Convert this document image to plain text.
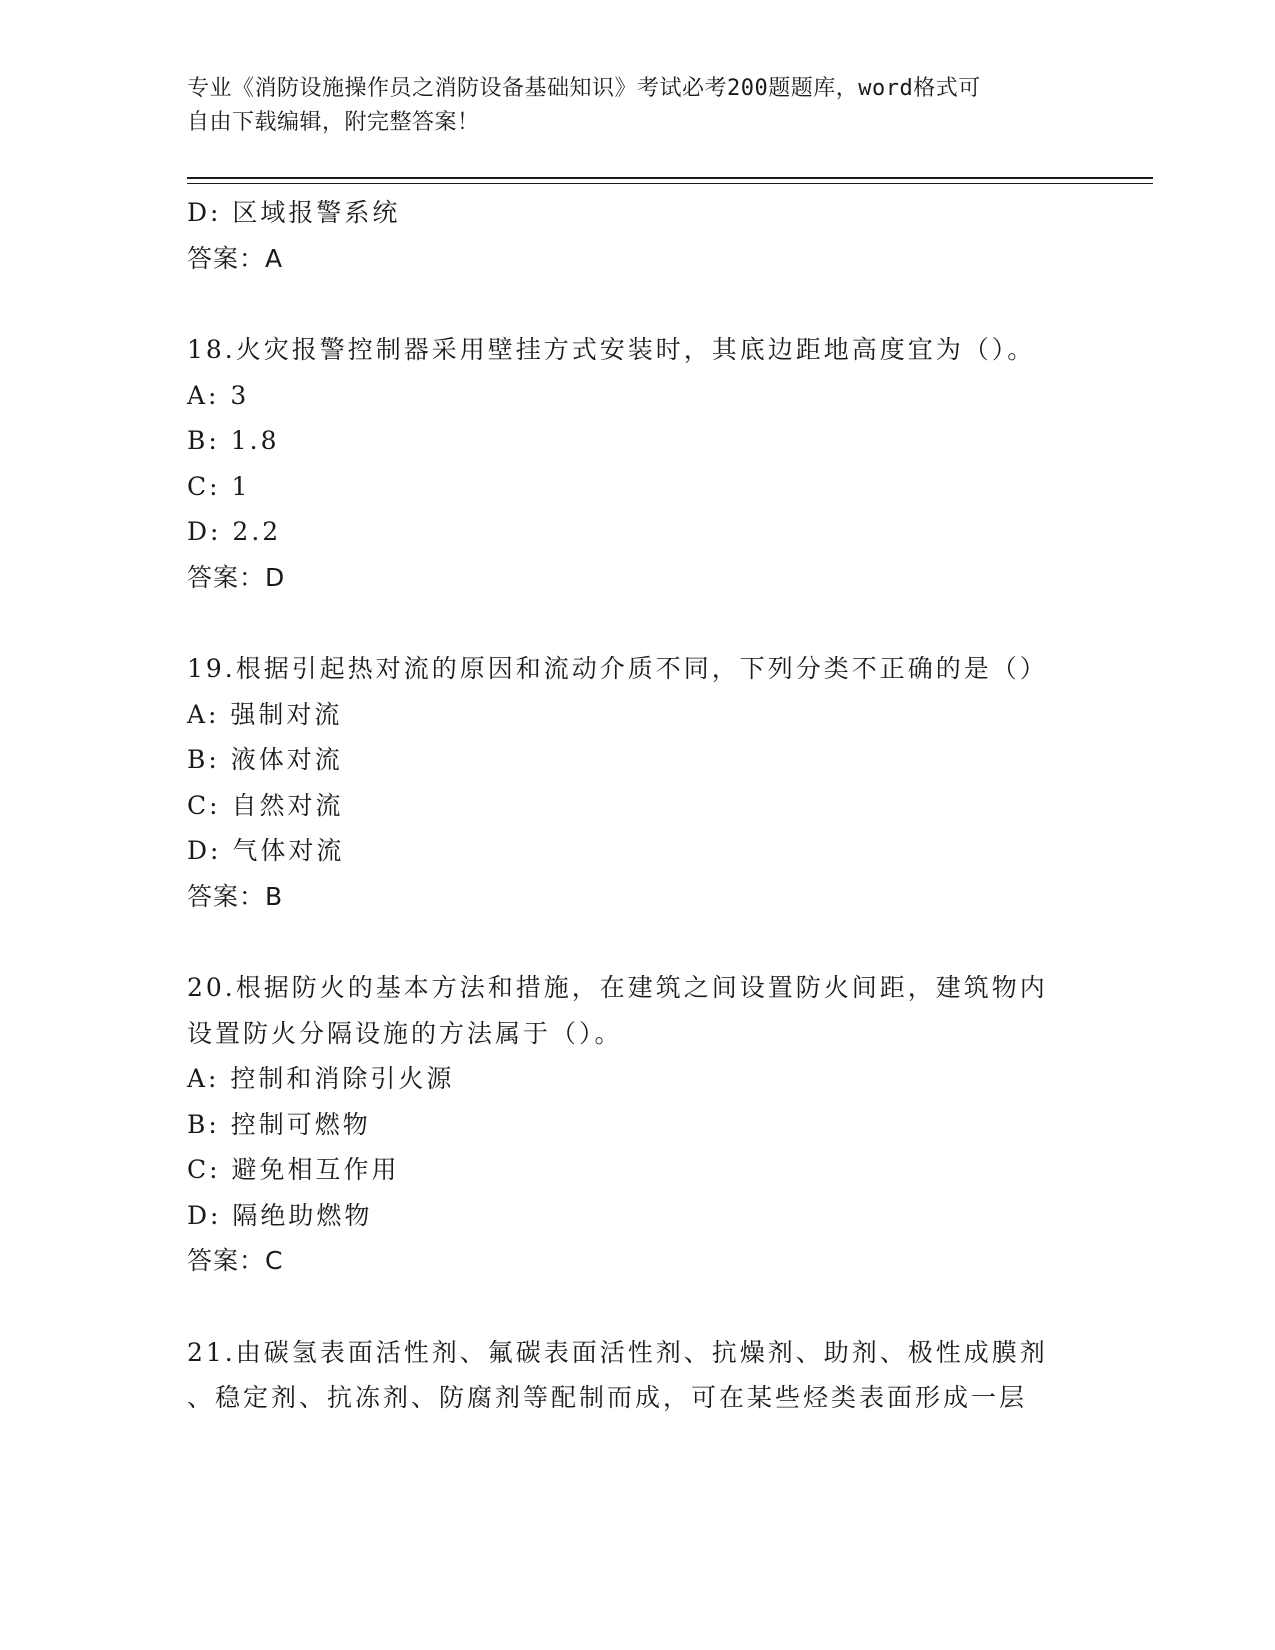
专业《消防设施操作员之消防设备基础知识》考试必考200题题库，word格式可
自由下载编辑，附完整答案！
D: 区域报警系统
答案：A
18.火灾报警控制器采用壁挂方式安装时，其底边距地高度宜为（）。
A: 3
B: 1.8
C: 1
D: 2.2
答案：D
19.根据引起热对流的原因和流动介质不同，下列分类不正确的是（）
A: 强制对流
B: 液体对流
C: 自然对流
D: 气体对流
答案：B
20.根据防火的基本方法和措施，在建筑之间设置防火间距，建筑物内
设置防火分隔设施的方法属于（）。
A: 控制和消除引火源
B: 控制可燃物
C: 避免相互作用
D: 隔绝助燃物
答案：C
21.由碳氢表面活性剂、氟碳表面活性剂、抗燥剂、助剂、极性成膜剂
、稳定剂、抗冻剂、防腐剂等配制而成，可在某些烃类表面形成一层
